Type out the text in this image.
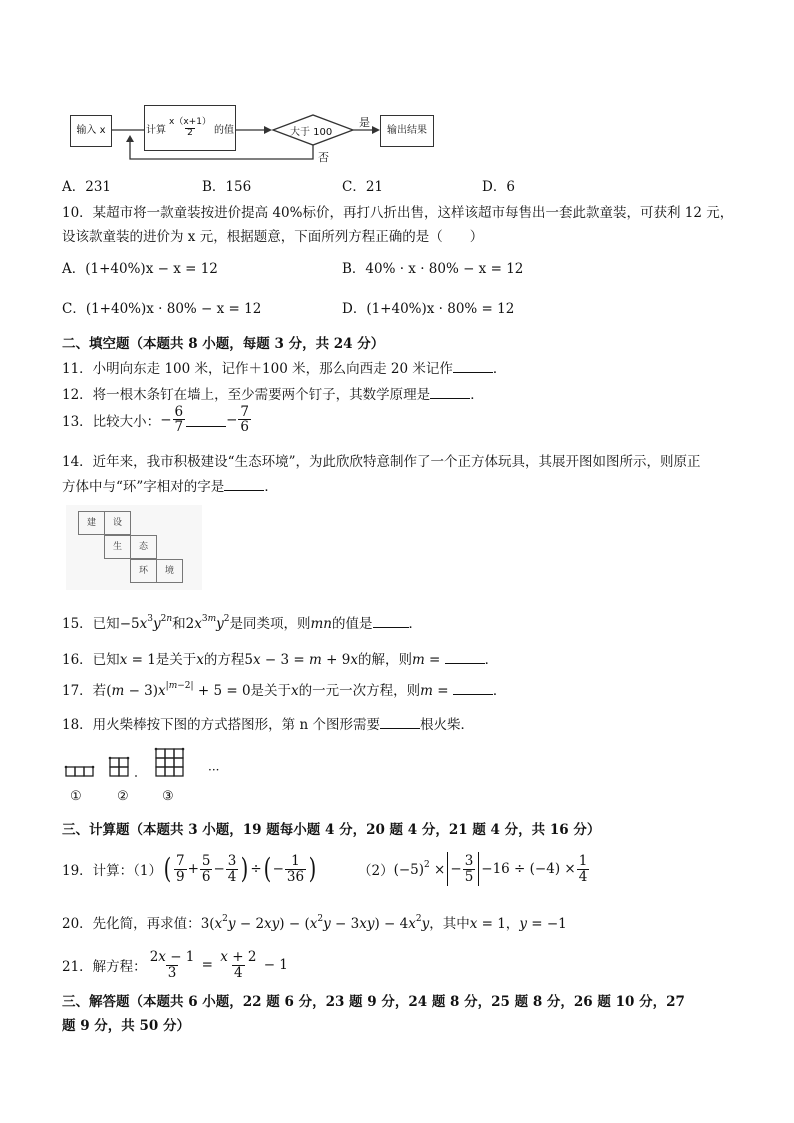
输入 x	计算 $\frac{x(x+1)}{2}$ 的值	大于 100
是
否
输出结果
A．231	B．156	C．21	D．6
10．某超市将一款童装按进价提高 40%标价，再打八折出售，这样该超市每售出一套此款童装，可获利 12 元，
设该款童装的进价为 x 元，根据题意，下面所列方程正确的是（　　）
A．(1+40%)x − x = 12	B．40% · x · 80% − x = 12
C．(1+40%)x · 80% − x = 12	D．(1+40%)x · 80% = 12
二、填空题（本题共 8 小题，每题 3 分，共 24 分）
11．小明向东走 100 米，记作＋100 米，那么向西走 20 米记作	．
12．将一根木条钉在墙上，至少需要两个钉子，其数学原理是	．
13．比较大小： − $\frac{6}{7}$	− $\frac{7}{6}$
14．近年来，我市积极建设“生态环境”，为此欣欣特意制作了一个正方体玩具，其展开图如图所示，则原正
方体中与“环”字相对的字是	．
建	设
生	态
环	境
15．已知$-5x^3y^{2n}$和$2x^{3m}y^2$是同类项，则mn的值是	．
16．已知x = 1是关于x的方程5x − 3 = m + 9x的解，则m =	．
17．若$(m - 3)x^{|m-2|} + 5 = 0$是关于x的一元一次方程，则m =	．
18．用火柴棒按下图的方式搭图形，第 n 个图形需要	根火柴．
①	②	③
···
三、计算题（本题共 3 小题，19 题每小题 4 分，20 题 4 分，21 题 4 分，共 16 分）
19．计算：（1） ( $\frac{7}{9} + \frac{5}{6} - \frac{3}{4}$ ) ÷ ( − $\frac{1}{36}$ )	（2） $(-5)^2$ × − $\frac{3}{5} -16 \div (-4) \times \frac{1}{4}$
20．先化简，再求值：$3(x^2y - 2xy) - (x^2y - 3xy) - 4x^2y$，其中x = 1，y = −1
21．解方程： $\frac{2x - 1}{3} = \frac{x + 2}{4} - 1$
三、解答题（本题共 6 小题，22 题 6 分，23 题 9 分，24 题 8 分，25 题 8 分，26 题 10 分，27
题 9 分，共 50 分）
